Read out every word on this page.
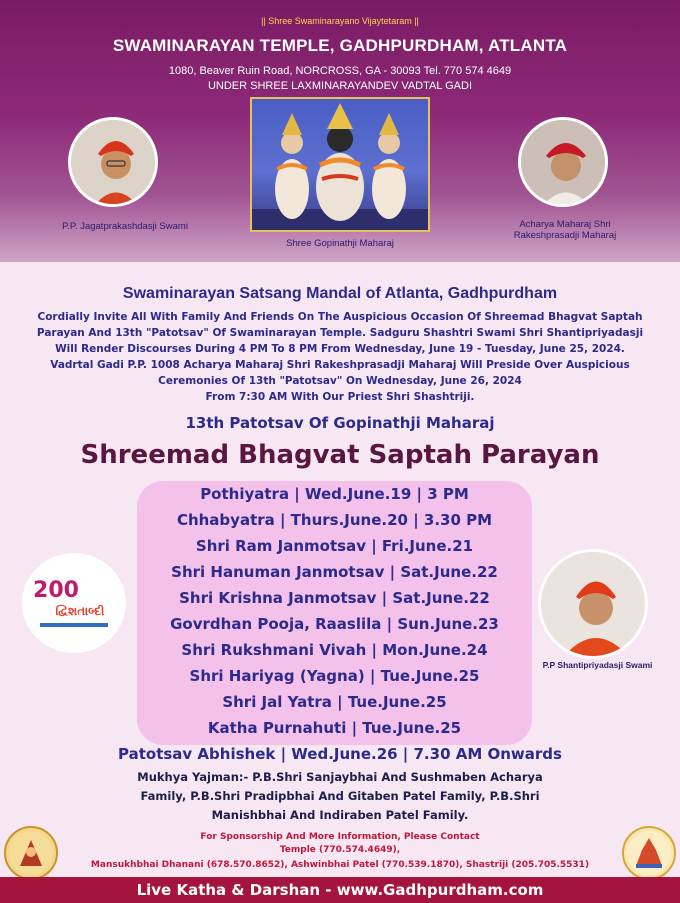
|| Shree Swaminarayano Vijaytetaram ||
SWAMINARAYAN TEMPLE, GADHPURDHAM, ATLANTA
1080, Beaver Ruin Road, NORCROSS, GA - 30093 Tel. 770 574 4649
UNDER SHREE LAXMINARAYANDEV VADTAL GADI
P.P. Jagatprakashdasji Swami
Shree Gopinathji Maharaj
Acharya Maharaj Shri
Rakeshprasadji Maharaj
Swaminarayan Satsang Mandal of Atlanta, Gadhpurdham
Cordially Invite All With Family And Friends On The Auspicious Occasion Of Shreemad Bhagvat Saptah
Parayan And 13th "Patotsav" Of Swaminarayan Temple. Sadguru Shashtri Swami Shri Shantipriyadasji
Will Render Discourses During 4 PM To 8 PM From Wednesday, June 19 - Tuesday, June 25, 2024.
Vadrtal Gadi P.P. 1008 Acharya Maharaj Shri Rakeshprasadji Maharaj Will Preside Over Auspicious
Ceremonies Of 13th "Patotsav" On Wednesday, June 26, 2024
From 7:30 AM With Our Priest Shri Shashtriji.
13th Patotsav Of Gopinathji Maharaj
Shreemad Bhagvat Saptah Parayan
200
દ્વિશતાબ્દી
Pothiyatra | Wed.June.19 | 3 PM
Chhabyatra | Thurs.June.20 | 3.30 PM
Shri Ram Janmotsav | Fri.June.21
Shri Hanuman Janmotsav | Sat.June.22
Shri Krishna Janmotsav | Sat.June.22
Govrdhan Pooja, Raaslila | Sun.June.23
Shri Rukshmani Vivah | Mon.June.24
Shri Hariyag (Yagna) | Tue.June.25
Shri Jal Yatra | Tue.June.25
Katha Purnahuti | Tue.June.25
P.P Shantipriyadasji Swami
Patotsav Abhishek | Wed.June.26 | 7.30 AM Onwards
Mukhya Yajman:- P.B.Shri Sanjaybhai And Sushmaben Acharya
Family, P.B.Shri Pradipbhai And Gitaben Patel Family, P.B.Shri
Manishbhai And Indiraben Patel Family.
For Sponsorship And More Information, Please Contact
Temple (770.574.4649),
Mansukhbhai Dhanani (678.570.8652), Ashwinbhai Patel (770.539.1870), Shastriji (205.705.5531)
Live Katha & Darshan - www.Gadhpurdham.com
